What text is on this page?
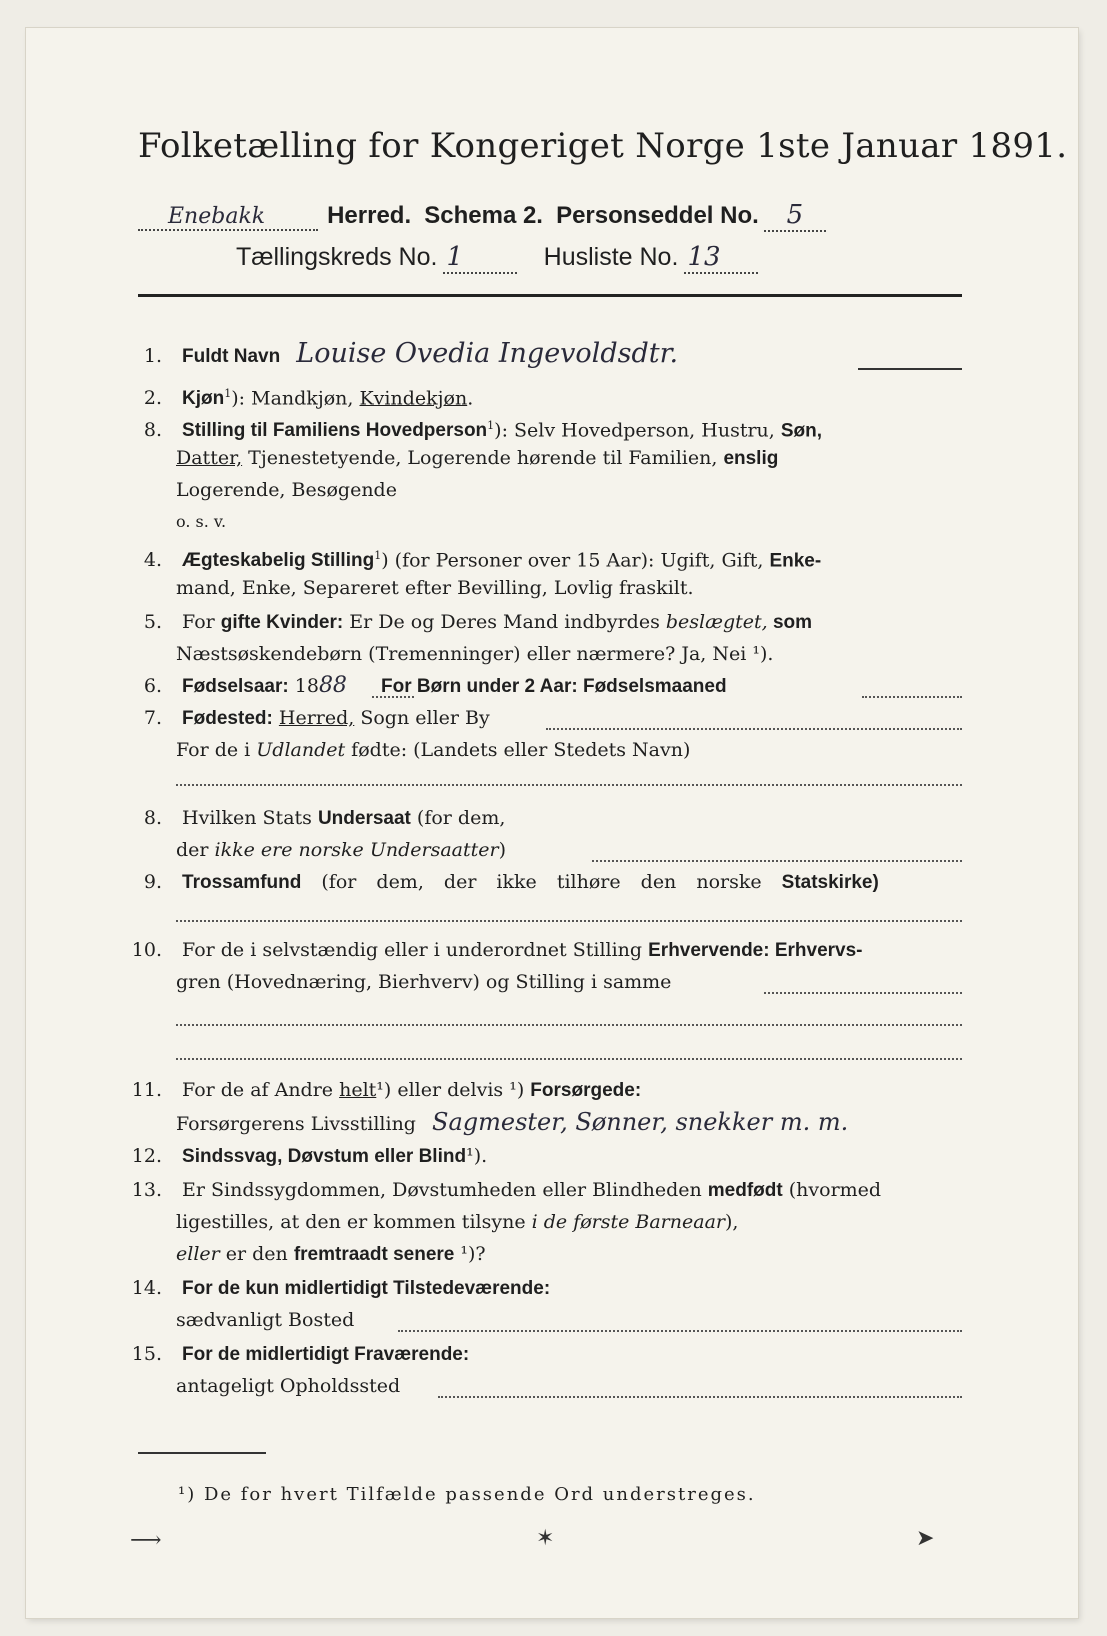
Folketælling for Kongeriget Norge 1ste Januar 1891.
Enebakk	Herred. Schema 2. Personseddel No. 5
Tællingskreds No. 1	Husliste No. 13
1. Fuldt Navn Louise Ovedia Ingevoldsdtr.
2. Kjøn$^1$): Mandkjøn, Kvindekjøn.
8. Stilling til Familiens Hovedperson$^1$): Selv Hovedperson, Hustru, Søn,
Datter, Tjenestetyende, Logerende hørende til Familien, enslig
Logerende, Besøgende
o. s. v.
4. Ægteskabelig Stilling$^1$) (for Personer over 15 Aar): Ugift, Gift, Enke-
mand, Enke, Separeret efter Bevilling, Lovlig fraskilt.
5. For gifte Kvinder: Er De og Deres Mand indbyrdes beslægtet, som
Næstsøskendebørn (Tremenninger) eller nærmere? Ja, Nei ¹).
6. Fødselsaar: 1888 For Børn under 2 Aar: Fødselsmaaned
7. Fødested: Herred, Sogn eller By
For de i Udlandet fødte: (Landets eller Stedets Navn)
8. Hvilken Stats Undersaat (for dem,
der ikke ere norske Undersaatter)
9. Trossamfund (for dem, der ikke tilhøre den norske Statskirke)
10. For de i selvstændig eller i underordnet Stilling Erhvervende: Erhvervs-
gren (Hovednæring, Bierhverv) og Stilling i samme
11. For de af Andre helt¹) eller delvis ¹) Forsørgede:
Forsørgerens Livsstilling Sagmester, Sønner, snekker m. m.
12. Sindssvag, Døvstum eller Blind¹).
13. Er Sindssygdommen, Døvstumheden eller Blindheden medfødt (hvormed
ligestilles, at den er kommen tilsyne i de første Barneaar),
eller er den fremtraadt senere ¹)?
14. For de kun midlertidigt Tilstedeværende:
sædvanligt Bosted
15. For de midlertidigt Fraværende:
antageligt Opholdssted
¹) De for hvert Tilfælde passende Ord understreges.
⟶	✶	➤
